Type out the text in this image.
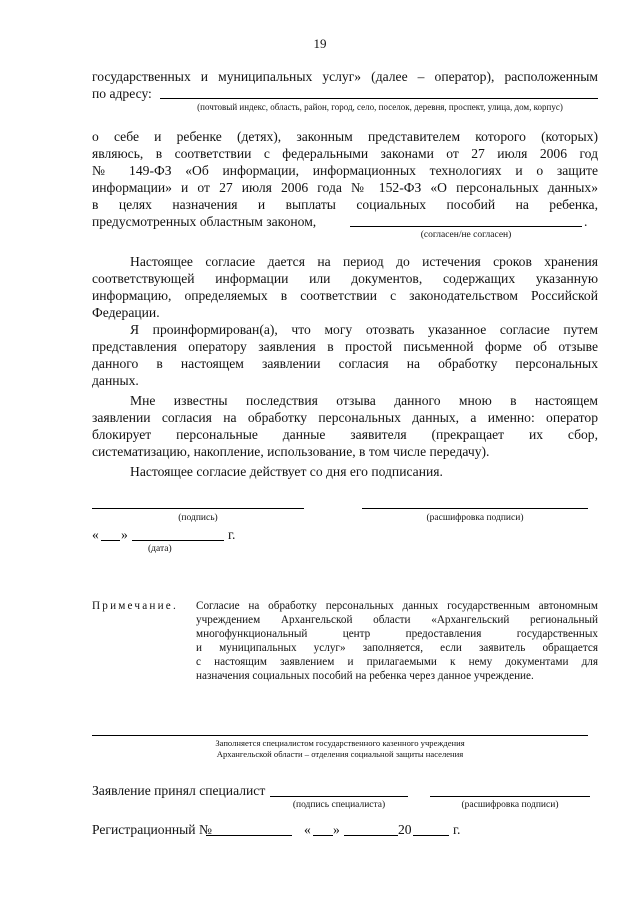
19
государственных и муниципальных услуг» (далее – оператор), расположенным
по адресу:
(почтовый индекс, область, район, город, село, поселок, деревня, проспект, улица, дом, корпус)
о себе и ребенке (детях), законным представителем которого (которых)
являюсь, в соответствии с федеральными законами от 27 июля 2006 год
№ 149-ФЗ «Об информации, информационных технологиях и о защите
информации» и от 27 июля 2006 года № 152-ФЗ «О персональных данных»
в целях назначения и выплаты социальных пособий на ребенка,
предусмотренных областным законом,	.
(согласен/не согласен)
Настоящее согласие дается на период до истечения сроков хранения
соответствующей информации или документов, содержащих указанную
информацию, определяемых в соответствии с законодательством Российской
Федерации.
Я проинформирован(а), что могу отозвать указанное согласие путем
представления оператору заявления в простой письменной форме об отзыве
данного в настоящем заявлении согласия на обработку персональных
данных.
Мне известны последствия отзыва данного мною в настоящем
заявлении согласия на обработку персональных данных, а именно: оператор
блокирует персональные данные заявителя (прекращает их сбор,
систематизацию, накопление, использование, в том числе передачу).
Настоящее согласие действует со дня его подписания.
(подпись)	(расшифровка подписи)
« »	г.
(дата)
Примечание. Согласие на обработку персональных данных государственным автономным
учреждением Архангельской области «Архангельский региональный
многофункциональный центр предоставления государственных
и муниципальных услуг» заполняется, если заявитель обращается
с настоящим заявлением и прилагаемыми к нему документами для
назначения социальных пособий на ребенка через данное учреждение.
Заполняется специалистом государственного казенного учреждения
Архангельской области – отделения социальной защиты населения
Заявление принял специалист
(подпись специалиста)	(расшифровка подписи)
Регистрационный №	« »	20	г.
